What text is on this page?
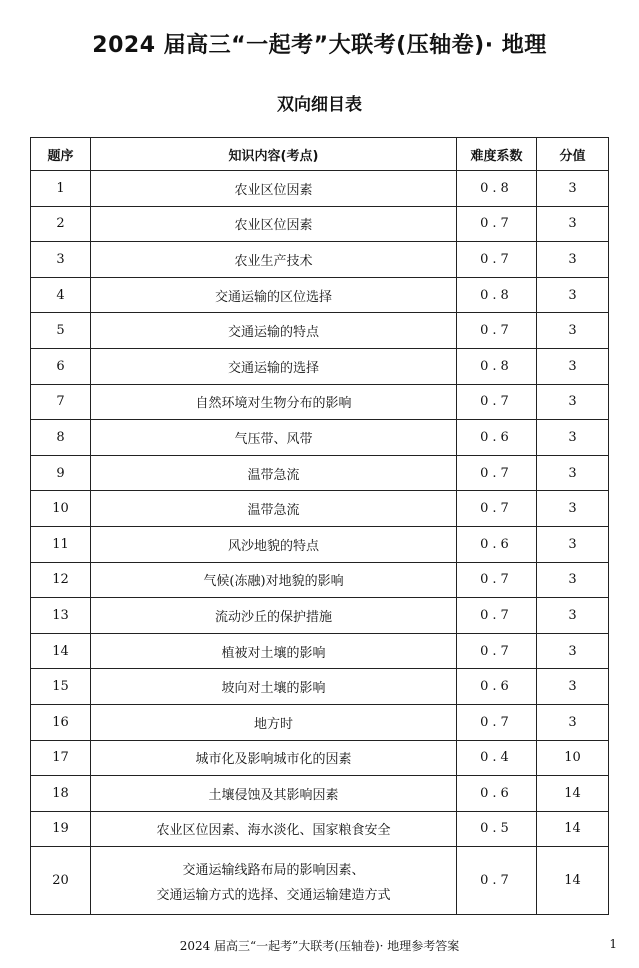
2024 届高三“一起考”大联考(压轴卷)· 地理
双向细目表
题序	知识内容(考点)	难度系数	分值
1	农业区位因素	0.8	3
2	农业区位因素	0.7	3
3	农业生产技术	0.7	3
4	交通运输的区位选择	0.8	3
5	交通运输的特点	0.7	3
6	交通运输的选择	0.8	3
7	自然环境对生物分布的影响	0.7	3
8	气压带、风带	0.6	3
9	温带急流	0.7	3
10	温带急流	0.7	3
11	风沙地貌的特点	0.6	3
12	气候(冻融)对地貌的影响	0.7	3
13	流动沙丘的保护措施	0.7	3
14	植被对土壤的影响	0.7	3
15	坡向对土壤的影响	0.6	3
16	地方时	0.7	3
17	城市化及影响城市化的因素	0.4	10
18	土壤侵蚀及其影响因素	0.6	14
19	农业区位因素、海水淡化、国家粮食安全	0.5	14
20	交通运输线路布局的影响因素、
交通运输方式的选择、交通运输建造方式	0.7	14
2024 届高三“一起考”大联考(压轴卷)· 地理参考答案	1
